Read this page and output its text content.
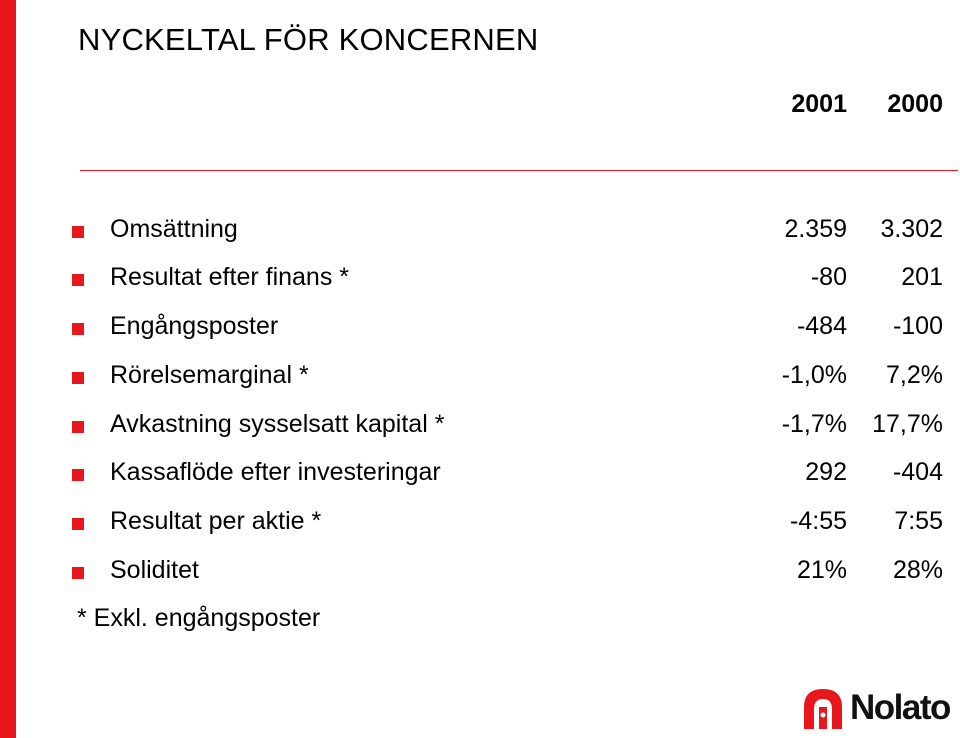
NYCKELTAL FÖR KONCERNEN
2001 2000
Omsättning	2.359 3.302
Resultat efter finans *	-80 201
Engångsposter	-484 -100
Rörelsemarginal *	-1,0% 7,2%
Avkastning sysselsatt kapital *	-1,7% 17,7%
Kassaflöde efter investeringar	292 -404
Resultat per aktie *	-4:55 7:55
Soliditet	21% 28%
* Exkl. engångsposter
Nolato
